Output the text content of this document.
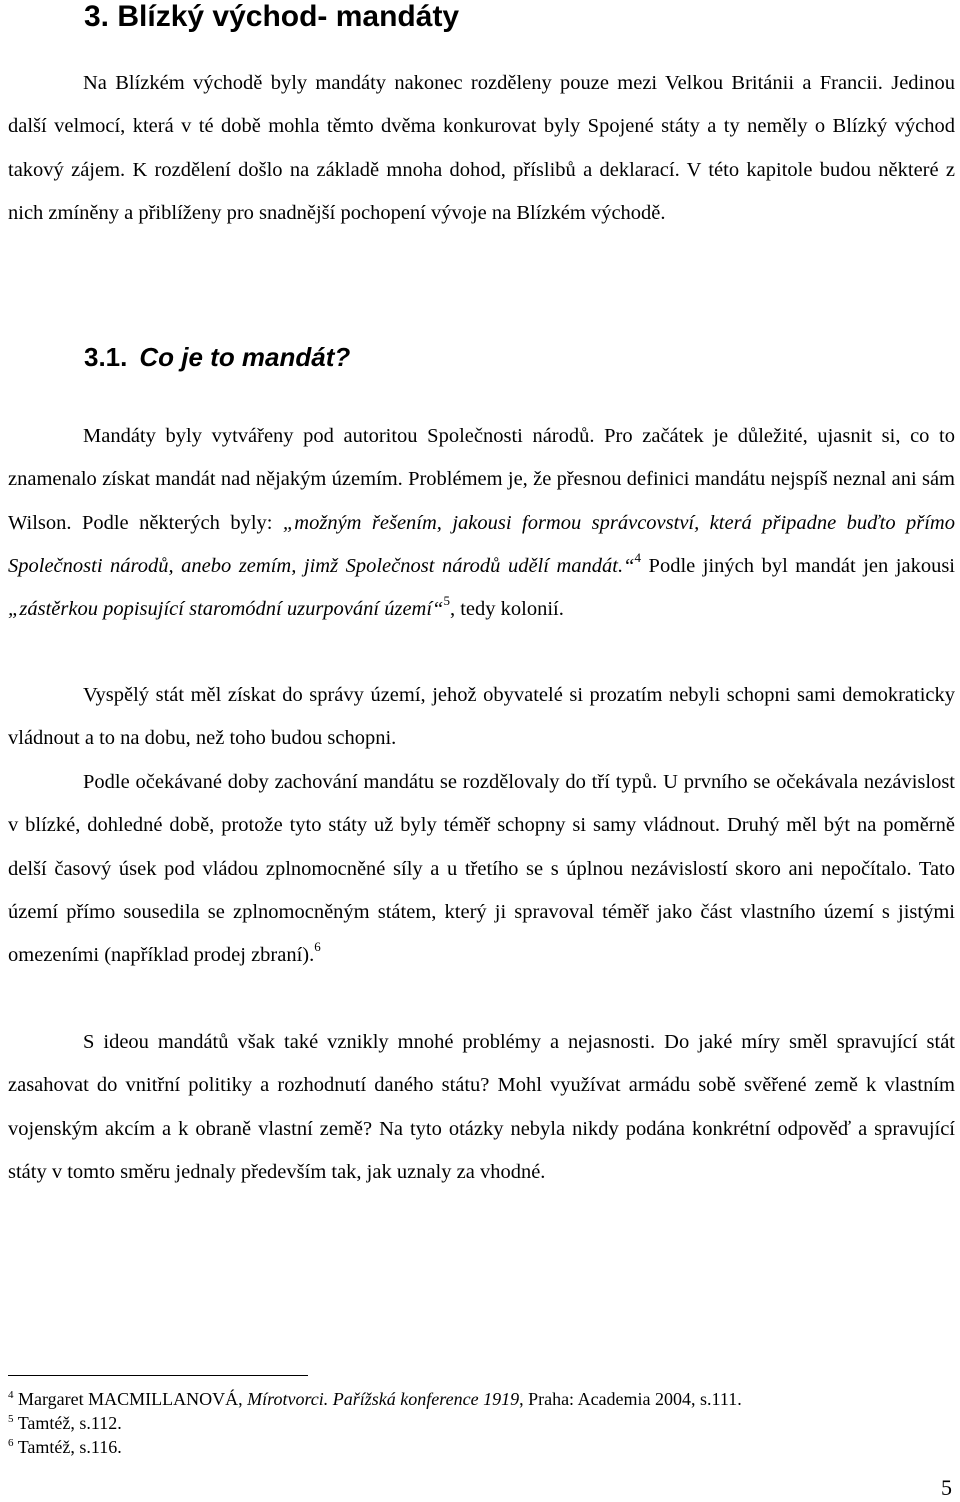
3. Blízký východ- mandáty

Na Blízkém východě byly mandáty nakonec rozděleny pouze mezi Velkou Británii a Francii. Jedinou další velmocí, která v té době mohla těmto dvěma konkurovat byly Spojené státy a ty neměly o Blízký východ takový zájem. K rozdělení došlo na základě mnoha dohod, příslibů a deklarací. V této kapitole budou některé z nich zmíněny a přiblíženy pro snadnější pochopení vývoje na Blízkém východě.

3.1. Co je to mandát?

Mandáty byly vytvářeny pod autoritou Společnosti národů. Pro začátek je důležité, ujasnit si, co to znamenalo získat mandát nad nějakým územím. Problémem je, že přesnou definici mandátu nejspíš neznal ani sám Wilson. Podle některých byly: „možným řešením, jakousi formou správcovství, která připadne buďto přímo Společnosti národů, anebo zemím, jimž Společnost národů udělí mandát.“$^4$ Podle jiných byl mandát jen jakousi „zástěrkou popisující staromódní uzurpování území“$^5$, tedy kolonií.

Vyspělý stát měl získat do správy území, jehož obyvatelé si prozatím nebyli schopni sami demokraticky vládnout a to na dobu, než toho budou schopni.

Podle očekávané doby zachování mandátu se rozdělovaly do tří typů. U prvního se očekávala nezávislost v blízké, dohledné době, protože tyto státy už byly téměř schopny si samy vládnout. Druhý měl být na poměrně delší časový úsek pod vládou zplnomocněné síly a u třetího se s úplnou nezávislostí skoro ani nepočítalo. Tato území přímo sousedila se zplnomocněným státem, který ji spravoval téměř jako část vlastního území s jistými omezeními (například prodej zbraní).$^6$

S ideou mandátů však také vznikly mnohé problémy a nejasnosti. Do jaké míry směl spravující stát zasahovat do vnitřní politiky a rozhodnutí daného státu? Mohl využívat armádu sobě svěřené země k vlastním vojenským akcím a k obraně vlastní země? Na tyto otázky nebyla nikdy podána konkrétní odpověď a spravující státy v tomto směru jednaly především tak, jak uznaly za vhodné.

$^4$ Margaret MACMILLANOVÁ, Mírotvorci. Pařížská konference 1919, Praha: Academia 2004, s.111.

$^5$ Tamtéž, s.112.

$^6$ Tamtéž, s.116.

5
